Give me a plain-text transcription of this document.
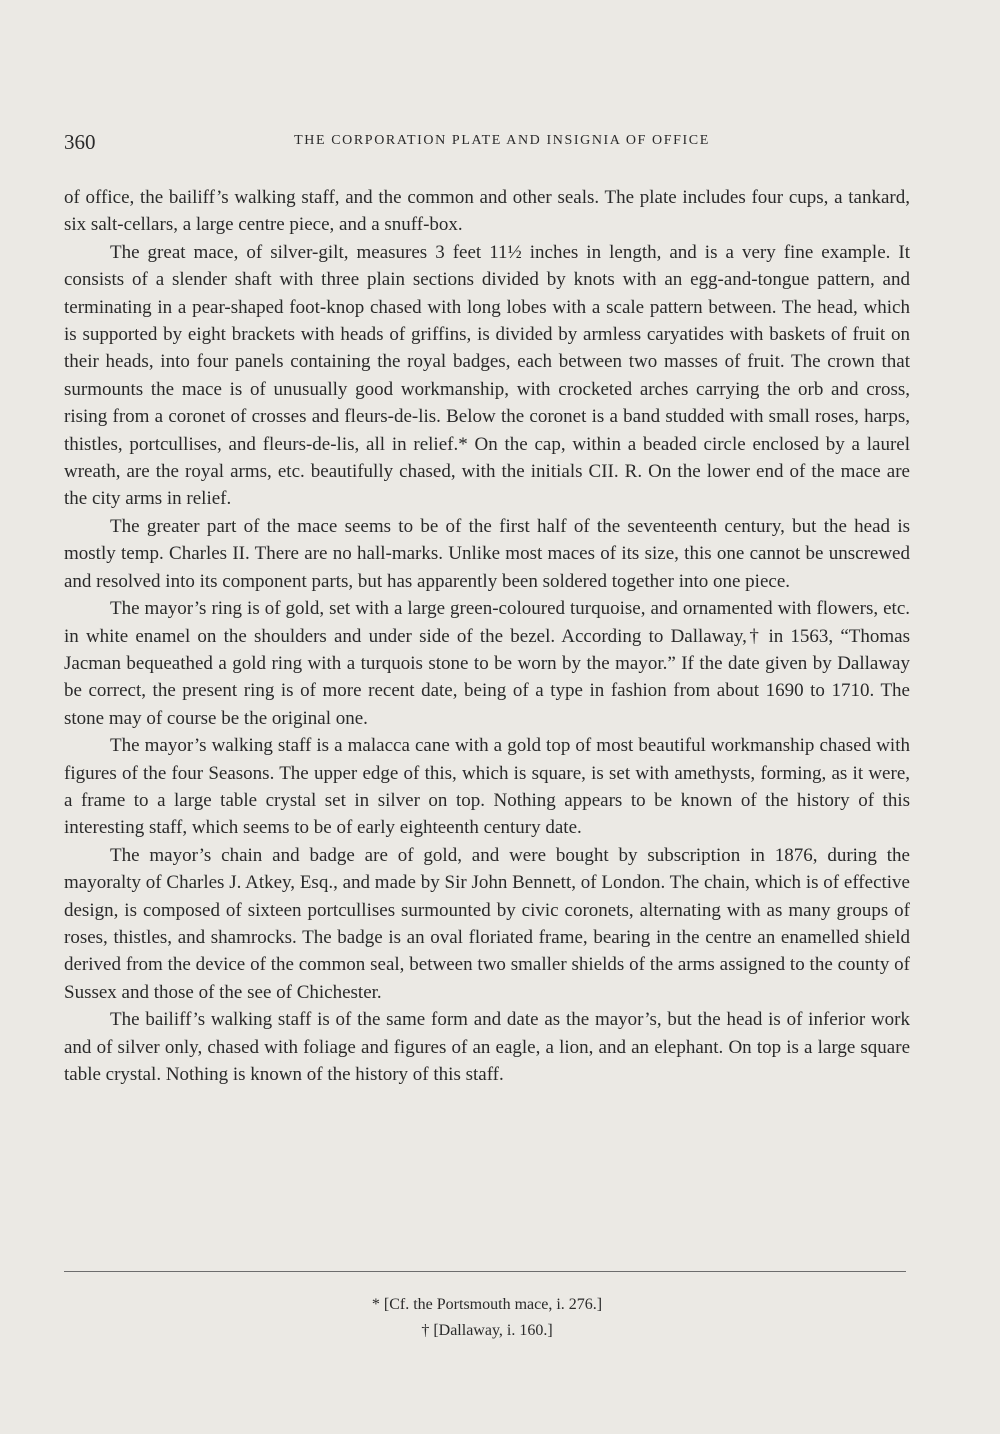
360	THE CORPORATION PLATE AND INSIGNIA OF OFFICE

of office, the bailiff’s walking staff, and the common and other seals. The plate includes four cups, a tankard, six salt-cellars, a large centre piece, and a snuff-box.

The great mace, of silver-gilt, measures 3 feet 11½ inches in length, and is a very fine example. It consists of a slender shaft with three plain sections divided by knots with an egg-and-tongue pattern, and terminating in a pear-shaped foot-knop chased with long lobes with a scale pattern between. The head, which is supported by eight brackets with heads of griffins, is divided by armless caryatides with baskets of fruit on their heads, into four panels containing the royal badges, each between two masses of fruit. The crown that surmounts the mace is of unusually good workmanship, with crocketed arches carrying the orb and cross, rising from a coronet of crosses and fleurs-de-lis. Below the coronet is a band studded with small roses, harps, thistles, portcullises, and fleurs-de-lis, all in relief.* On the cap, within a beaded circle enclosed by a laurel wreath, are the royal arms, etc. beautifully chased, with the initials CII. R. On the lower end of the mace are the city arms in relief.

The greater part of the mace seems to be of the first half of the seventeenth century, but the head is mostly temp. Charles II. There are no hall-marks. Unlike most maces of its size, this one cannot be unscrewed and resolved into its component parts, but has apparently been soldered together into one piece.

The mayor’s ring is of gold, set with a large green-coloured turquoise, and ornamented with flowers, etc. in white enamel on the shoulders and under side of the bezel. According to Dallaway,† in 1563, “Thomas Jacman bequeathed a gold ring with a turquois stone to be worn by the mayor.” If the date given by Dallaway be correct, the present ring is of more recent date, being of a type in fashion from about 1690 to 1710. The stone may of course be the original one.

The mayor’s walking staff is a malacca cane with a gold top of most beautiful workmanship chased with figures of the four Seasons. The upper edge of this, which is square, is set with amethysts, forming, as it were, a frame to a large table crystal set in silver on top. Nothing appears to be known of the history of this interesting staff, which seems to be of early eighteenth century date.

The mayor’s chain and badge are of gold, and were bought by subscription in 1876, during the mayoralty of Charles J. Atkey, Esq., and made by Sir John Bennett, of London. The chain, which is of effective design, is composed of sixteen portcullises surmounted by civic coronets, alternating with as many groups of roses, thistles, and shamrocks. The badge is an oval floriated frame, bearing in the centre an enamelled shield derived from the device of the common seal, between two smaller shields of the arms assigned to the county of Sussex and those of the see of Chichester.

The bailiff’s walking staff is of the same form and date as the mayor’s, but the head is of inferior work and of silver only, chased with foliage and figures of an eagle, a lion, and an elephant. On top is a large square table crystal. Nothing is known of the history of this staff.

* [Cf. the Portsmouth mace, i. 276.]

† [Dallaway, i. 160.]
